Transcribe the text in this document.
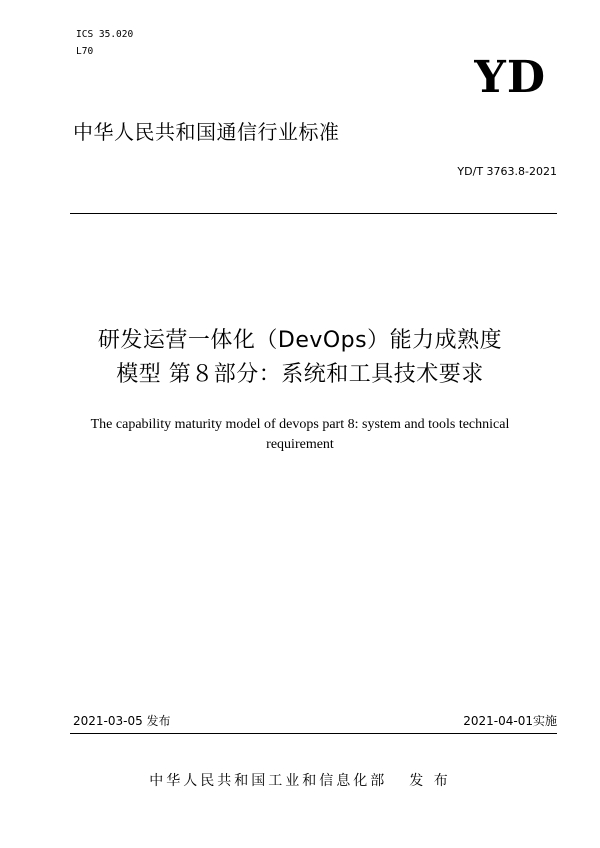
ICS 35.020
L70
YD
中华人民共和国通信行业标准
YD/T 3763.8-2021
研发运营一体化（DevOps）能力成熟度
模型 第８部分：系统和工具技术要求
The capability maturity model of devops part 8: system and tools technical
requirement
2021-03-05 发布	2021-04-01实施
中华人民共和国工业和信息化部 发 布
